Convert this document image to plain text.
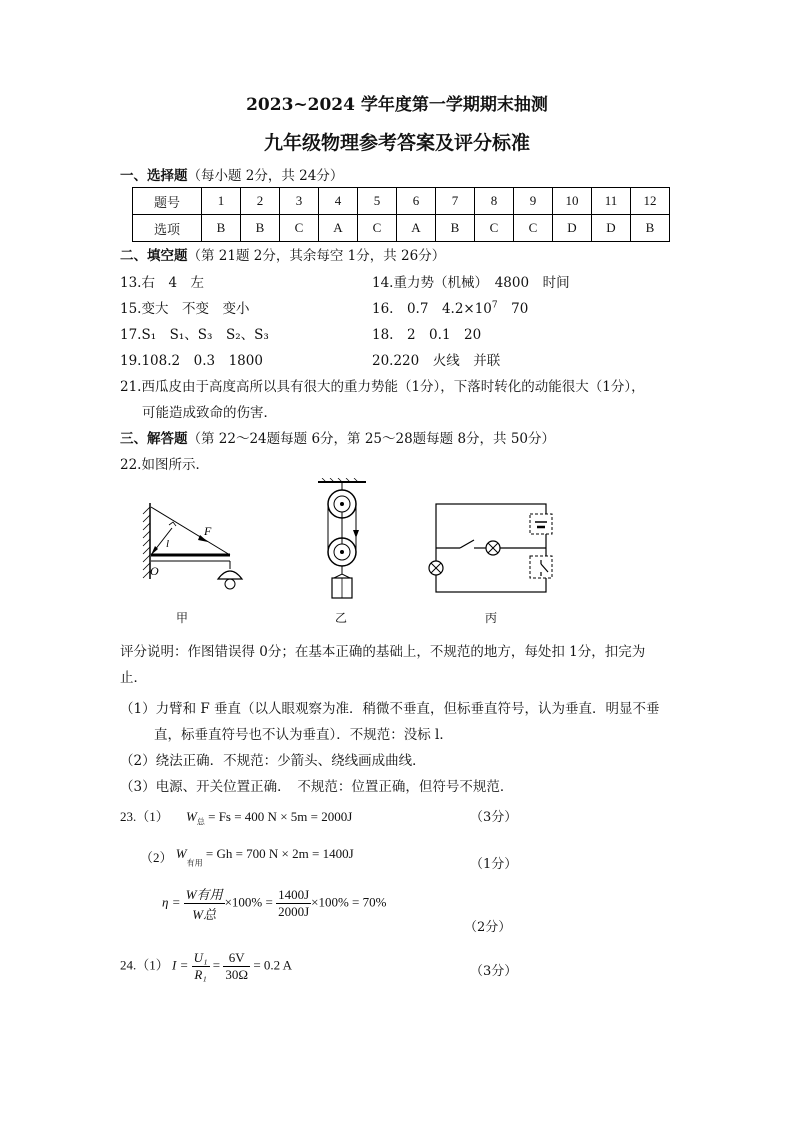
2023~2024 学年度第一学期期末抽测
九年级物理参考答案及评分标准
一、选择题（每小题 2分，共 24分）
题号	1	2	3	4	5	6	7	8	9	10	11	12
选项	B	B	C	A	C	A	B	C	C	D	D	B
二、填空题（第 21题 2分，其余每空 1分，共 26分）
13.右　4　左	14.重力势（机械）　4800　时间
15.变大　不变　变小	16.　0.7　$4.2\times 10^7$　70
17.S₁　S₁、S₃　S₂、S₃	18.　2　0.1　20
19.108.2　0.3　1800	20.220　火线　并联
21.西瓜皮由于高度高所以具有很大的重力势能（1分），下落时转化的动能很大（1分），
可能造成致命的伤害．
三、解答题（第 22～24题每题 6分，第 25～28题每题 8分，共 50分）
22.如图所示．
F
l
O
甲	乙	丙
评分说明：作图错误得 0分；在基本正确的基础上，不规范的地方，每处扣 1分，扣完为
止．
（1）力臂和 F 垂直（以人眼观察为准．稍微不垂直，但标垂直符号，认为垂直．明显不垂
直，标垂直符号也不认为垂直）．不规范：没标 l．
（2）绕法正确．不规范：少箭头、绕线画成曲线．
（3）电源、开关位置正确．　不规范：位置正确，但符号不规范．
23.（1） $W_总 = Fs = 400$ N × 5m = 2000J	（3分）
（2） $W_{有用} = Gh = 700$ N × 2m = 1400J
（1分）
$\eta = \frac{\text{W有用}}{\text{W总}} \times 100\% = \frac{1400J}{2000J} \times 100\% = 70\%$
（2分）
24.（1） $I = \frac{\text{U₁}}{\text{R₁}} = \frac{6V}{30\Omega} = 0.2$ A	（3分）
